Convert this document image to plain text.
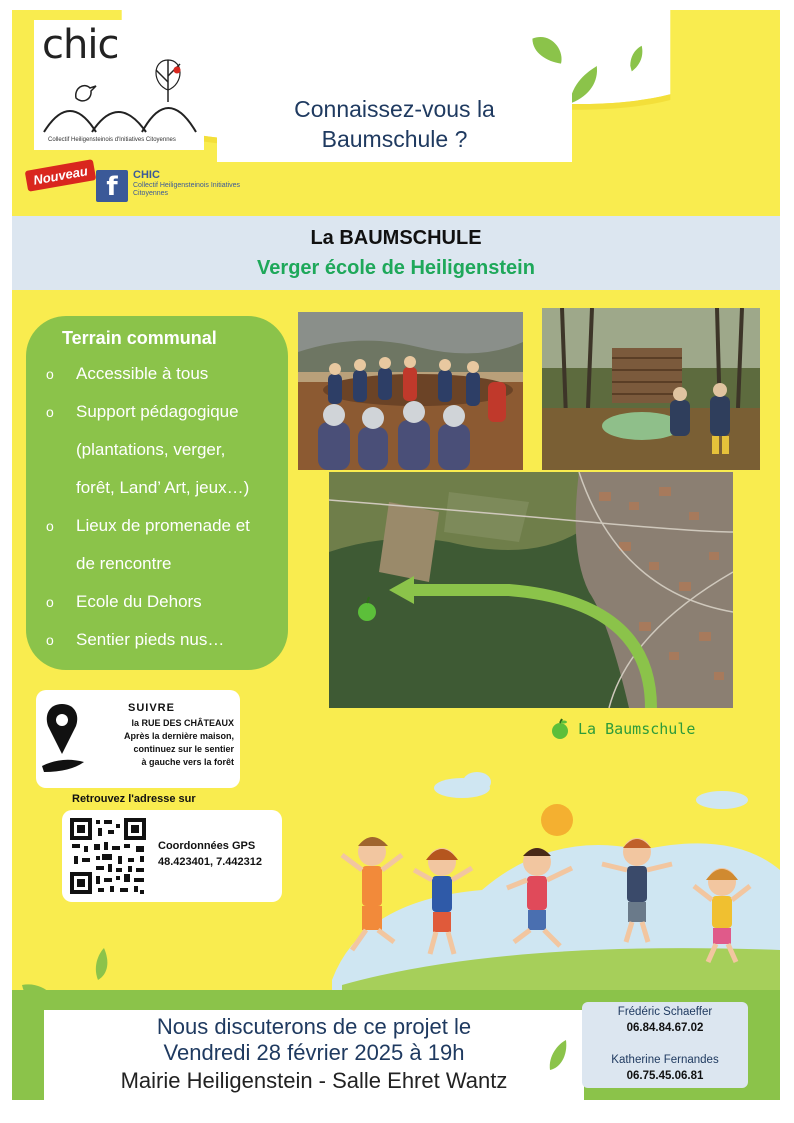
chic
Collectif Heiligensteinois d'Initiatives Citoyennes
Connaissez-vous la
Baumschule ?
Nouveau f	CHIC
Collectif Heiligensteinois Initiatives Citoyennes
La BAUMSCHULE
Verger école de Heiligenstein
Terrain communal
o Accessible à tous
o Support pédagogique
(plantations, verger,
forêt, Land’ Art, jeux…)
o Lieux de promenade et
de rencontre
o Ecole du Dehors
o Sentier pieds nus…
La Baumschule
SUIVRE
la RUE DES CHÂTEAUX
Après la dernière maison,
continuez sur le sentier
à gauche vers la forêt
Retrouvez l'adresse sur
Coordonnées GPS
48.423401, 7.442312
Nous discuterons de ce projet le
Vendredi 28 février 2025 à 19h
Mairie Heiligenstein - Salle Ehret Wantz
Frédéric Schaeffer
06.84.84.67.02
Katherine Fernandes
06.75.45.06.81
